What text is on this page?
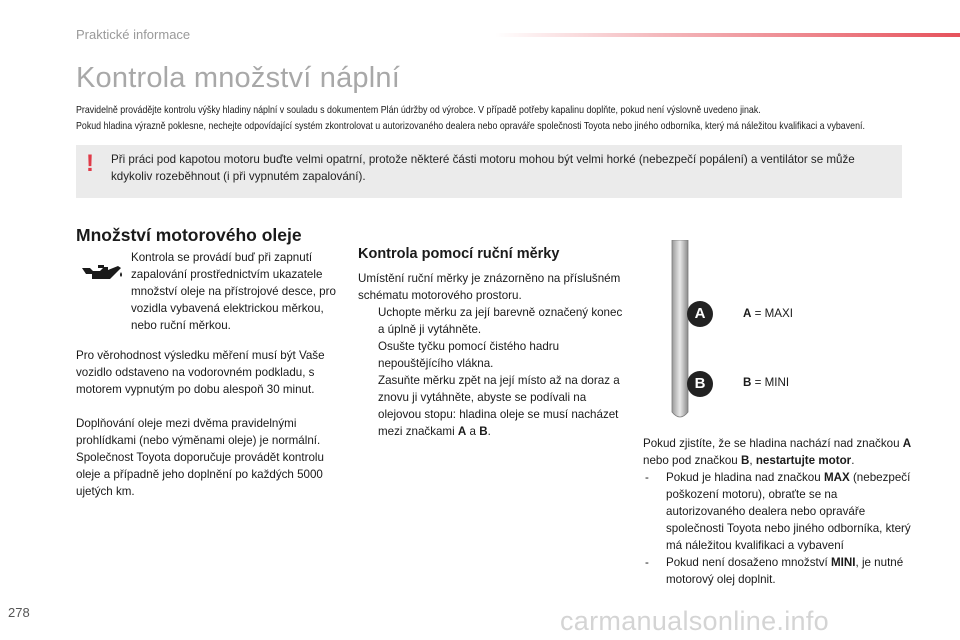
Praktické informace
Kontrola množství náplní
Pravidelně provádějte kontrolu výšky hladiny náplní v souladu s dokumentem Plán údržby od výrobce. V případě potřeby kapalinu doplňte, pokud není výslovně uvedeno jinak.
Pokud hladina výrazně poklesne, nechejte odpovídající systém zkontrolovat u autorizovaného dealera nebo opraváře společnosti Toyota nebo jiného odborníka, který má náležitou kvalifikaci a vybavení.
! Při práci pod kapotou motoru buďte velmi opatrní, protože některé části motoru mohou být velmi horké (nebezpečí popálení) a ventilátor se může kdykoliv rozeběhnout (i při vypnutém zapalování).
Množství motorového oleje
Kontrola se provádí buď při zapnutí zapalování prostřednictvím ukazatele množství oleje na přístrojové desce, pro vozidla vybavená elektrickou měrkou, nebo ruční měrkou.
Pro věrohodnost výsledku měření musí být Vaše vozidlo odstaveno na vodorovném podkladu, s motorem vypnutým po dobu alespoň 30 minut.
Doplňování oleje mezi dvěma pravidelnými prohlídkami (nebo výměnami oleje) je normální. Společnost Toyota doporučuje provádět kontrolu oleje a případně jeho doplnění po každých 5000 ujetých km.
Kontrola pomocí ruční měrky
Umístění ruční měrky je znázorněno na příslušném schématu motorového prostoru.
Uchopte měrku za její barevně označený konec a úplně ji vytáhněte.
Osušte tyčku pomocí čistého hadru nepouštějícího vlákna.
Zasuňte měrku zpět na její místo až na doraz a znovu ji vytáhněte, abyste se podívali na olejovou stopu: hladina oleje se musí nacházet mezi značkami A a B.
A
B
A = MAXI
B = MINI
Pokud zjistíte, že se hladina nachází nad značkou A nebo pod značkou B, nestartujte motor.
- Pokud je hladina nad značkou MAX (nebezpečí poškození motoru), obraťte se na autorizovaného dealera nebo opraváře společnosti Toyota nebo jiného odborníka, který má náležitou kvalifikaci a vybavení
- Pokud není dosaženo množství MINI, je nutné motorový olej doplnit.
278	carmanualsonline.info
